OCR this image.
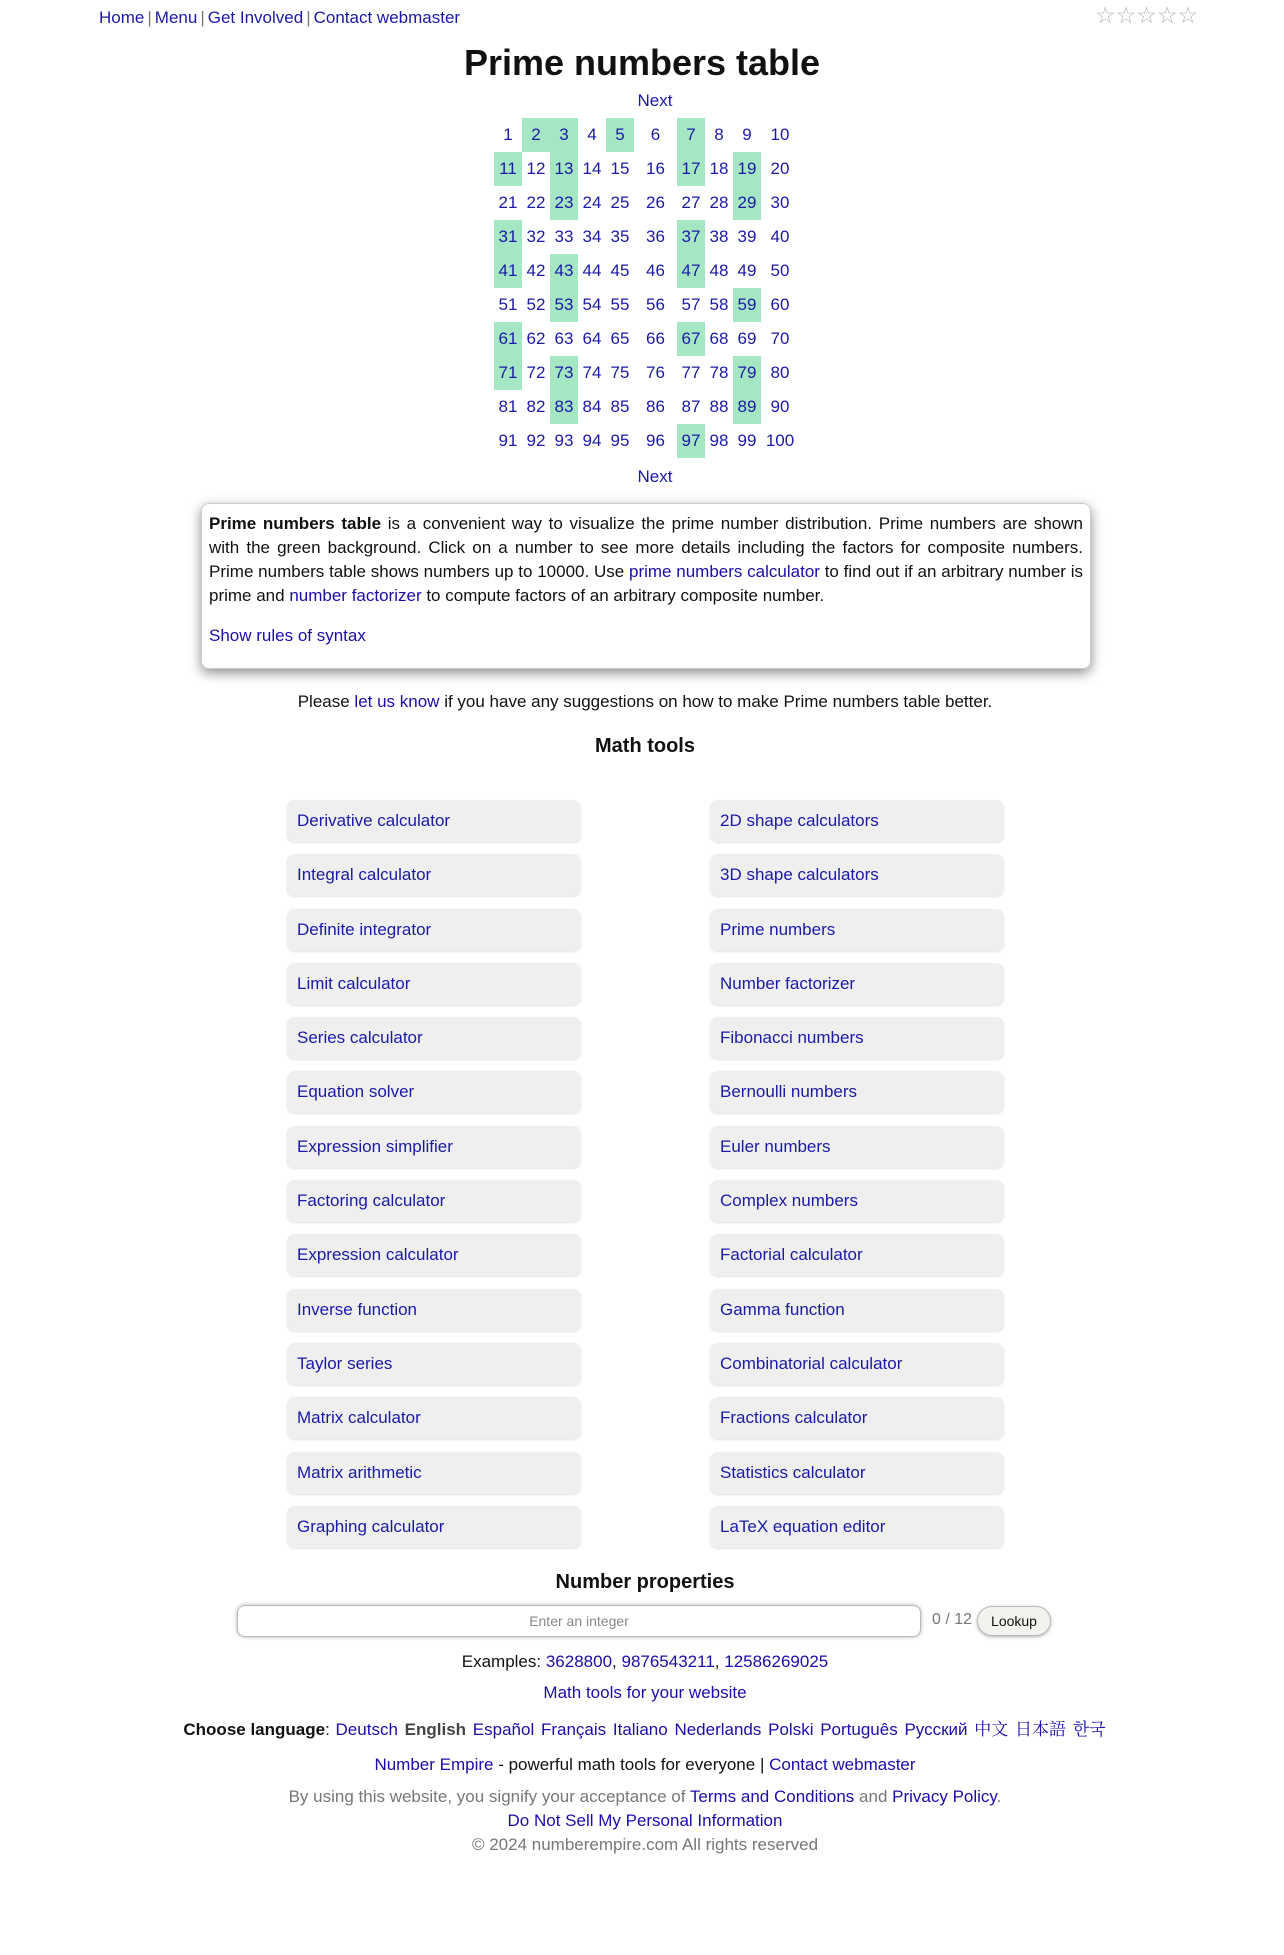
Home | Menu | Get Involved | Contact webmaster	☆☆☆☆☆
Prime numbers table
Next
1	2	3	4	5	6	7	8	9	10
11	12	13	14	15	16	17	18	19	20
21	22	23	24	25	26	27	28	29	30
31	32	33	34	35	36	37	38	39	40
41	42	43	44	45	46	47	48	49	50
51	52	53	54	55	56	57	58	59	60
61	62	63	64	65	66	67	68	69	70
71	72	73	74	75	76	77	78	79	80
81	82	83	84	85	86	87	88	89	90
91	92	93	94	95	96	97	98	99	100
Next

Prime numbers table is a convenient way to visualize the prime number distribution. Prime numbers are shown with the green background. Click on a number to see more details including the factors for composite numbers. Prime numbers table shows numbers up to 10000. Use prime numbers calculator to find out if an arbitrary number is prime and number factorizer to compute factors of an arbitrary composite number.

Show rules of syntax

Please let us know if you have any suggestions on how to make Prime numbers table better.
Math tools
Derivative calculator
Integral calculator
Definite integrator
Limit calculator
Series calculator
Equation solver
Expression simplifier
Factoring calculator
Expression calculator
Inverse function
Taylor series
Matrix calculator
Matrix arithmetic
Graphing calculator
2D shape calculators
3D shape calculators
Prime numbers
Number factorizer
Fibonacci numbers
Bernoulli numbers
Euler numbers
Complex numbers
Factorial calculator
Gamma function
Combinatorial calculator
Fractions calculator
Statistics calculator
LaTeX equation editor
Number properties
Enter an integer
0 / 12	Lookup
Examples: 3628800, 9876543211, 12586269025
Math tools for your website
Choose language: Deutsch English Español Français Italiano Nederlands Polski Português Русский 中文 日本語 한국
Number Empire - powerful math tools for everyone | Contact webmaster
By using this website, you signify your acceptance of Terms and Conditions and Privacy Policy.
Do Not Sell My Personal Information
© 2024 numberempire.com All rights reserved
